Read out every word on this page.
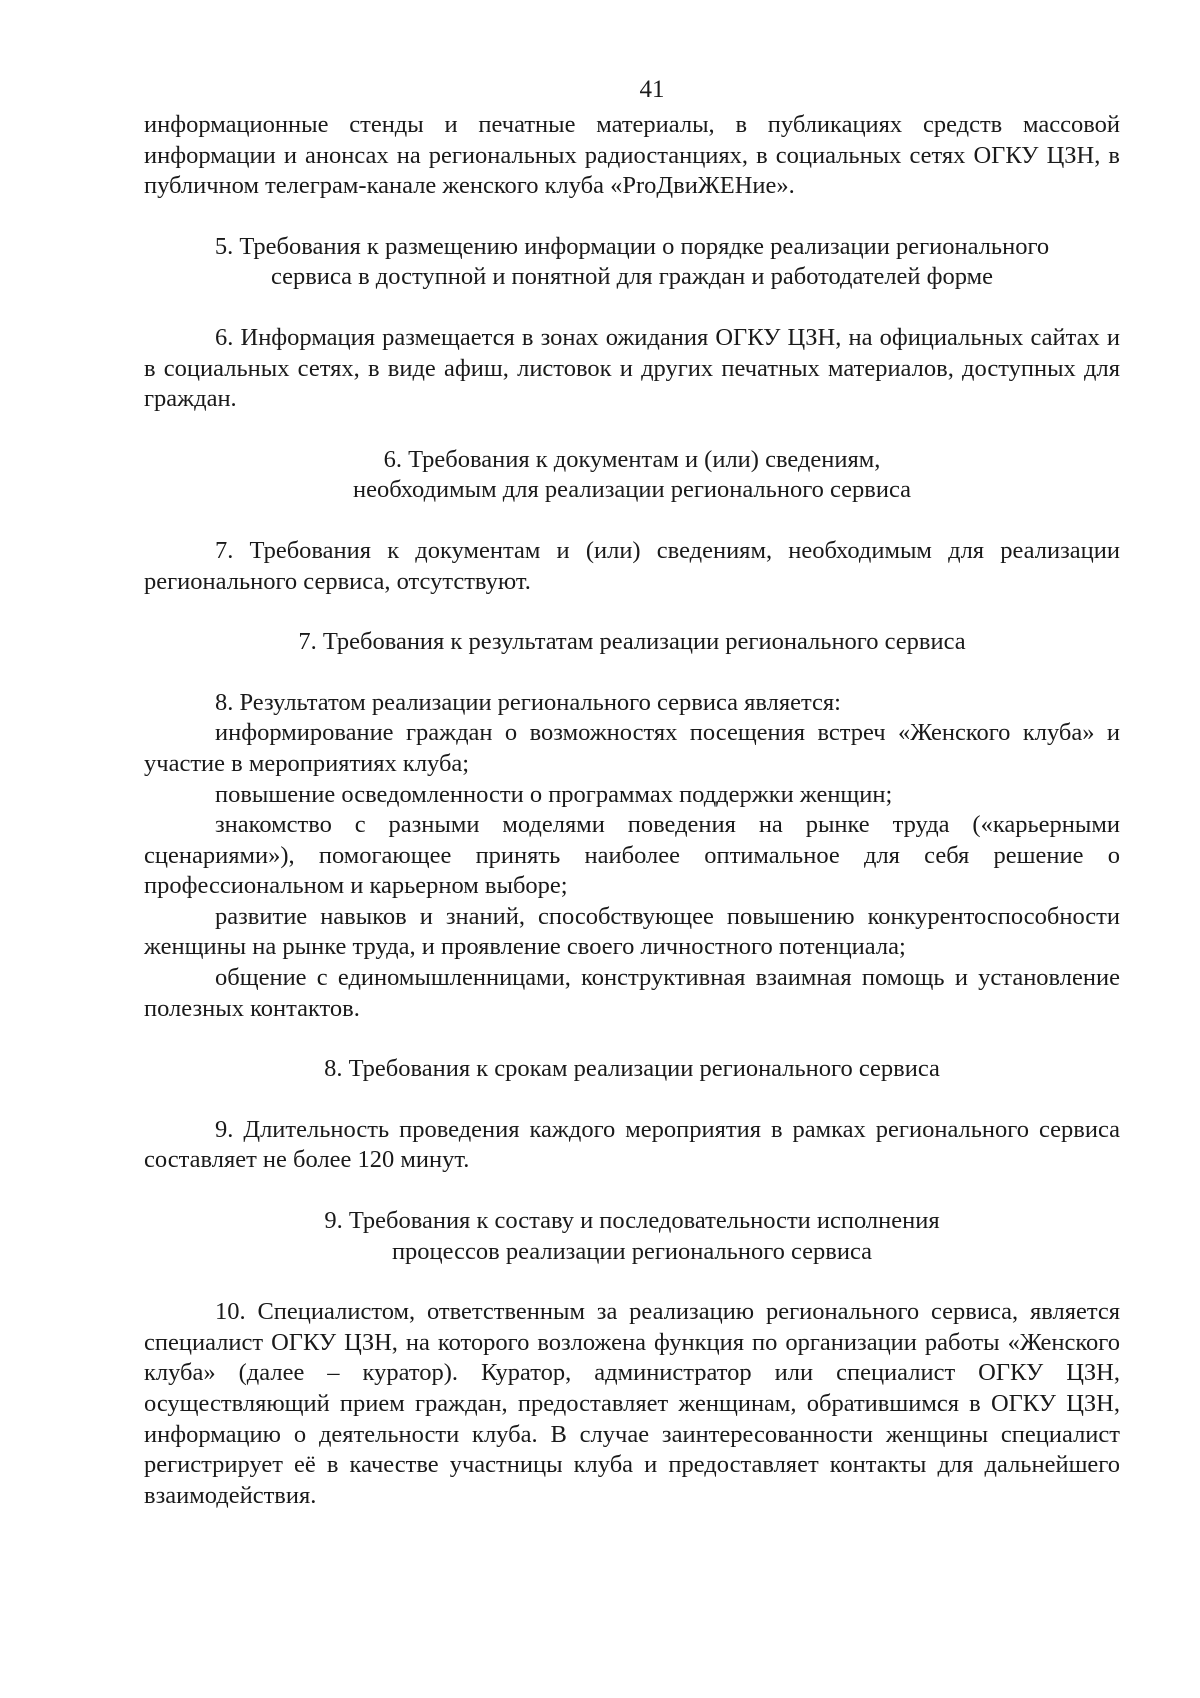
41

информационные стенды и печатные материалы, в публикациях средств массовой информации и анонсах на региональных радиостанциях, в социальных сетях ОГКУ ЦЗН, в публичном телеграм-канале женского клуба «PrоДвиЖЕНие».

5. Требования к размещению информации о порядке реализации регионального
сервиса в доступной и понятной для граждан и работодателей форме

6. Информация размещается в зонах ожидания ОГКУ ЦЗН, на официальных сайтах и в социальных сетях, в виде афиш, листовок и других печатных материалов, доступных для граждан.

6. Требования к документам и (или) сведениям,
необходимым для реализации регионального сервиса

7. Требования к документам и (или) сведениям, необходимым для реализации регионального сервиса, отсутствуют.

7. Требования к результатам реализации регионального сервиса

8. Результатом реализации регионального сервиса является:

информирование граждан о возможностях посещения встреч «Женского клуба» и участие в мероприятиях клуба;

повышение осведомленности о программах поддержки женщин;

знакомство с разными моделями поведения на рынке труда («карьерными сценариями»), помогающее принять наиболее оптимальное для себя решение о профессиональном и карьерном выборе;

развитие навыков и знаний, способствующее повышению конкурентоспособности женщины на рынке труда, и проявление своего личностного потенциала;

общение с единомышленницами, конструктивная взаимная помощь и установление полезных контактов.

8. Требования к срокам реализации регионального сервиса

9. Длительность проведения каждого мероприятия в рамках регионального сервиса составляет не более 120 минут.

9. Требования к составу и последовательности исполнения
процессов реализации регионального сервиса

10. Специалистом, ответственным за реализацию регионального сервиса, является специалист ОГКУ ЦЗН, на которого возложена функция по организации работы «Женского клуба» (далее – куратор). Куратор, администратор или специалист ОГКУ ЦЗН, осуществляющий прием граждан, предоставляет женщинам, обратившимся в ОГКУ ЦЗН, информацию о деятельности клуба. В случае заинтересованности женщины специалист регистрирует её в качестве участницы клуба и предоставляет контакты для дальнейшего взаимодействия.
